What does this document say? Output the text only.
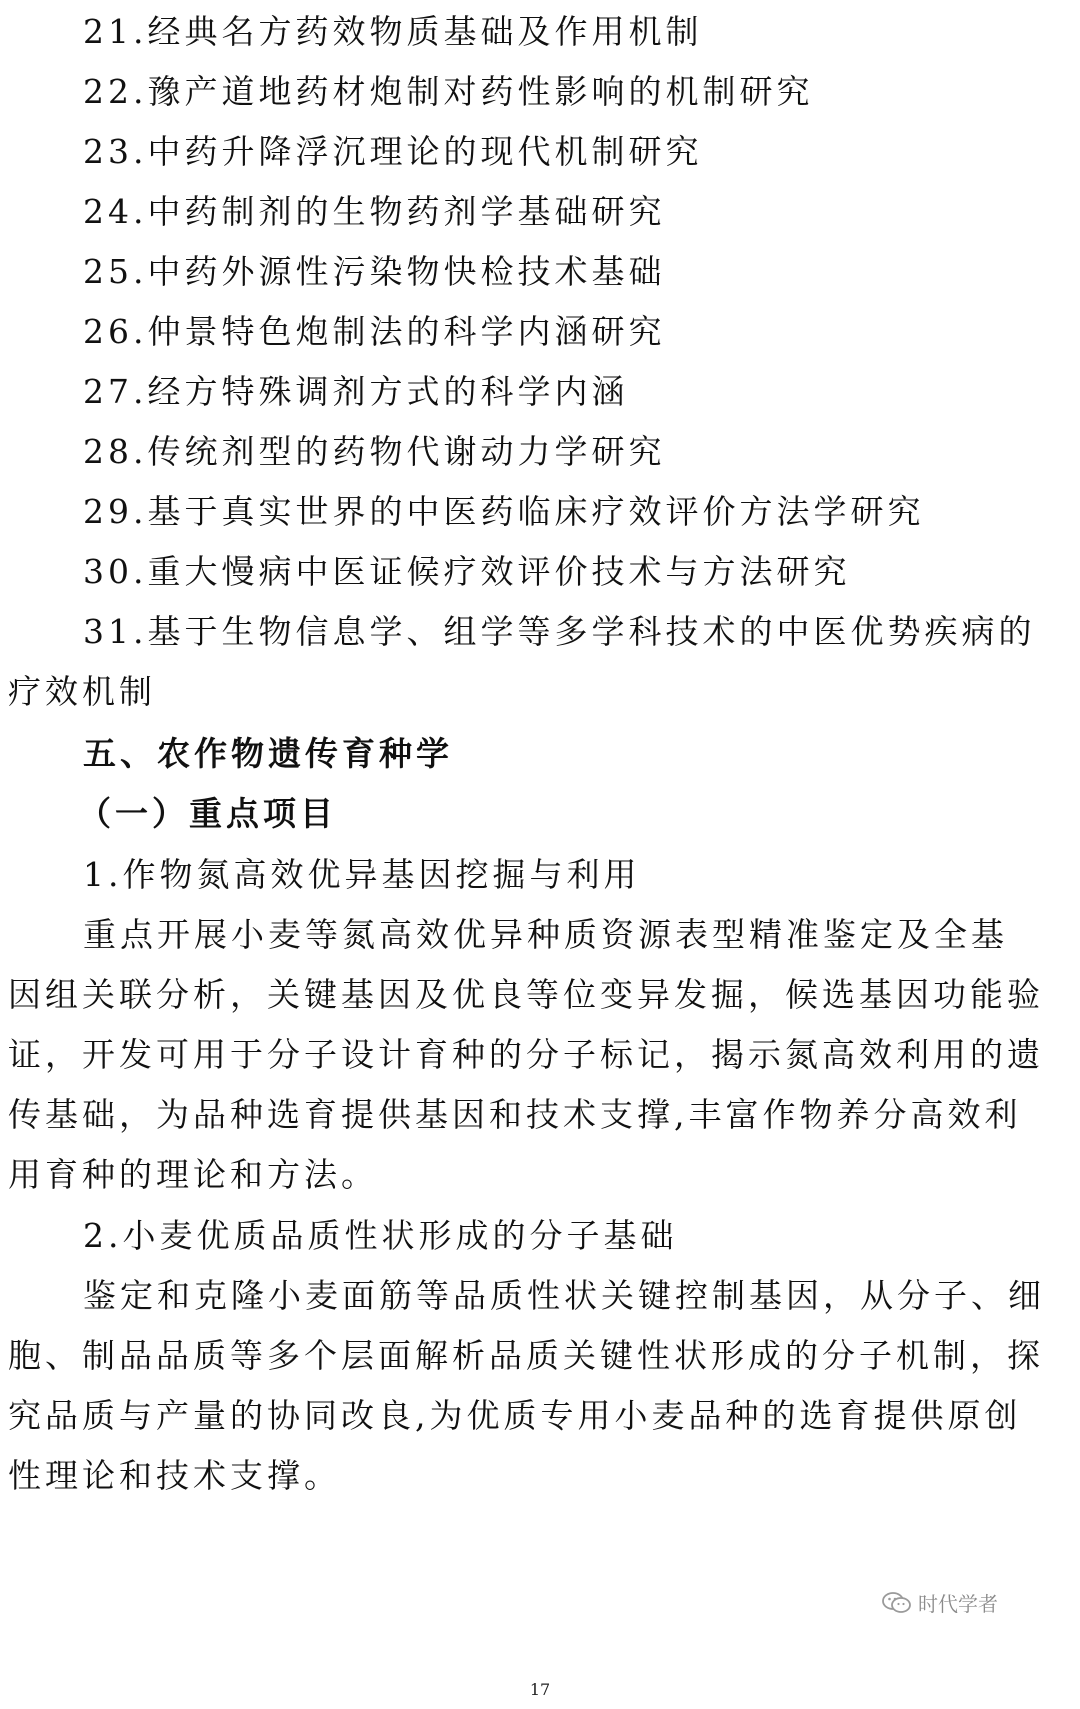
21.经典名方药效物质基础及作用机制
22.豫产道地药材炮制对药性影响的机制研究
23.中药升降浮沉理论的现代机制研究
24.中药制剂的生物药剂学基础研究
25.中药外源性污染物快检技术基础
26.仲景特色炮制法的科学内涵研究
27.经方特殊调剂方式的科学内涵
28.传统剂型的药物代谢动力学研究
29.基于真实世界的中医药临床疗效评价方法学研究
30.重大慢病中医证候疗效评价技术与方法研究
31.基于生物信息学、组学等多学科技术的中医优势疾病的
疗效机制
五、农作物遗传育种学
（一）重点项目
1.作物氮高效优异基因挖掘与利用
重点开展小麦等氮高效优异种质资源表型精准鉴定及全基
因组关联分析，关键基因及优良等位变异发掘，候选基因功能验
证，开发可用于分子设计育种的分子标记，揭示氮高效利用的遗
传基础，为品种选育提供基因和技术支撑,丰富作物养分高效利
用育种的理论和方法。
2.小麦优质品质性状形成的分子基础
鉴定和克隆小麦面筋等品质性状关键控制基因，从分子、细
胞、制品品质等多个层面解析品质关键性状形成的分子机制，探
究品质与产量的协同改良,为优质专用小麦品种的选育提供原创
性理论和技术支撑。
时代学者
17
